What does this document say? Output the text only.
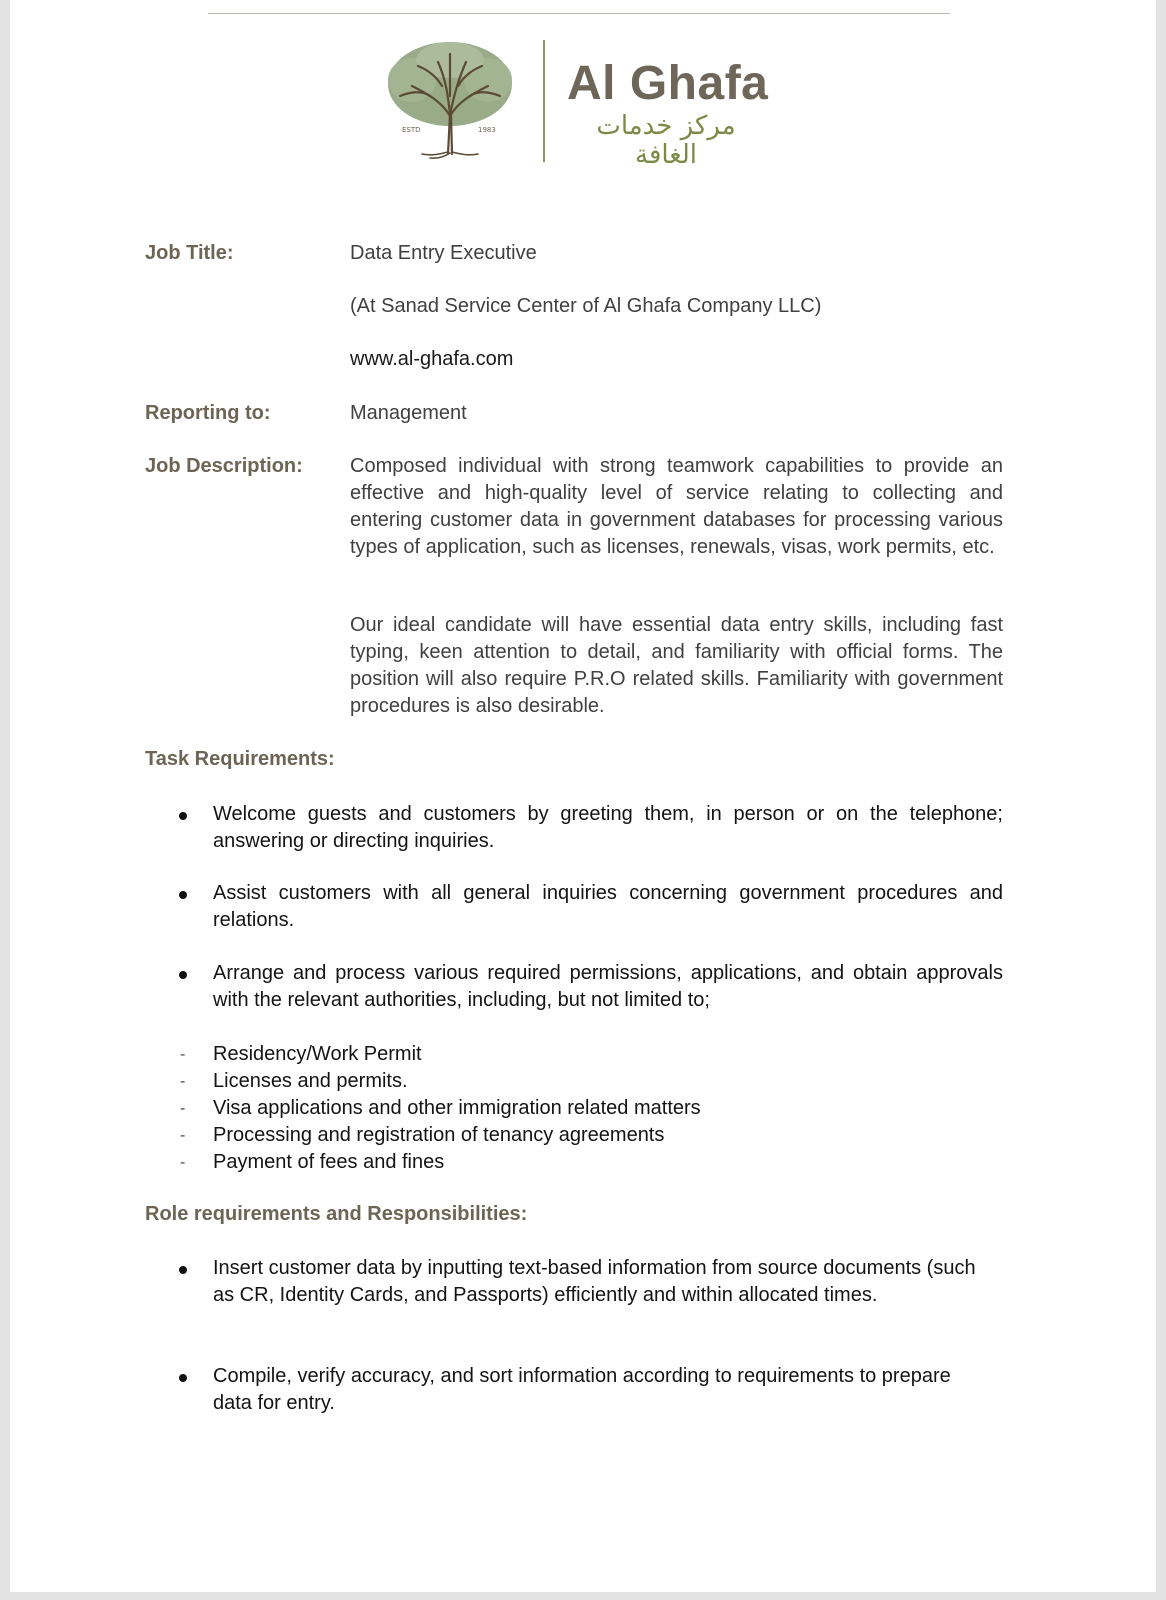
ESTD	1983
Al Ghafa
مركز خدمات الغافة
Job Title:	Data Entry Executive
(At Sanad Service Center of Al Ghafa Company LLC)
www.al-ghafa.com
Reporting to:	Management
Job Description: Composed individual with strong teamwork capabilities to provide an effective and high-quality level of service relating to collecting and entering customer data in government databases for processing various types of application, such as licenses, renewals, visas, work permits, etc.
Our ideal candidate will have essential data entry skills, including fast typing, keen attention to detail, and familiarity with official forms. The position will also require P.R.O related skills. Familiarity with government procedures is also desirable.
Task Requirements:
Welcome guests and customers by greeting them, in person or on the telephone; answering or directing inquiries.
Assist customers with all general inquiries concerning government procedures and relations.
Arrange and process various required permissions, applications, and obtain approvals with the relevant authorities, including, but not limited to;
- Residency/Work Permit
- Licenses and permits.
- Visa applications and other immigration related matters
- Processing and registration of tenancy agreements
- Payment of fees and fines
Role requirements and Responsibilities:
Insert customer data by inputting text-based information from source documents (such as CR, Identity Cards, and Passports) efficiently and within allocated times.
Compile, verify accuracy, and sort information according to requirements to prepare data for entry.
